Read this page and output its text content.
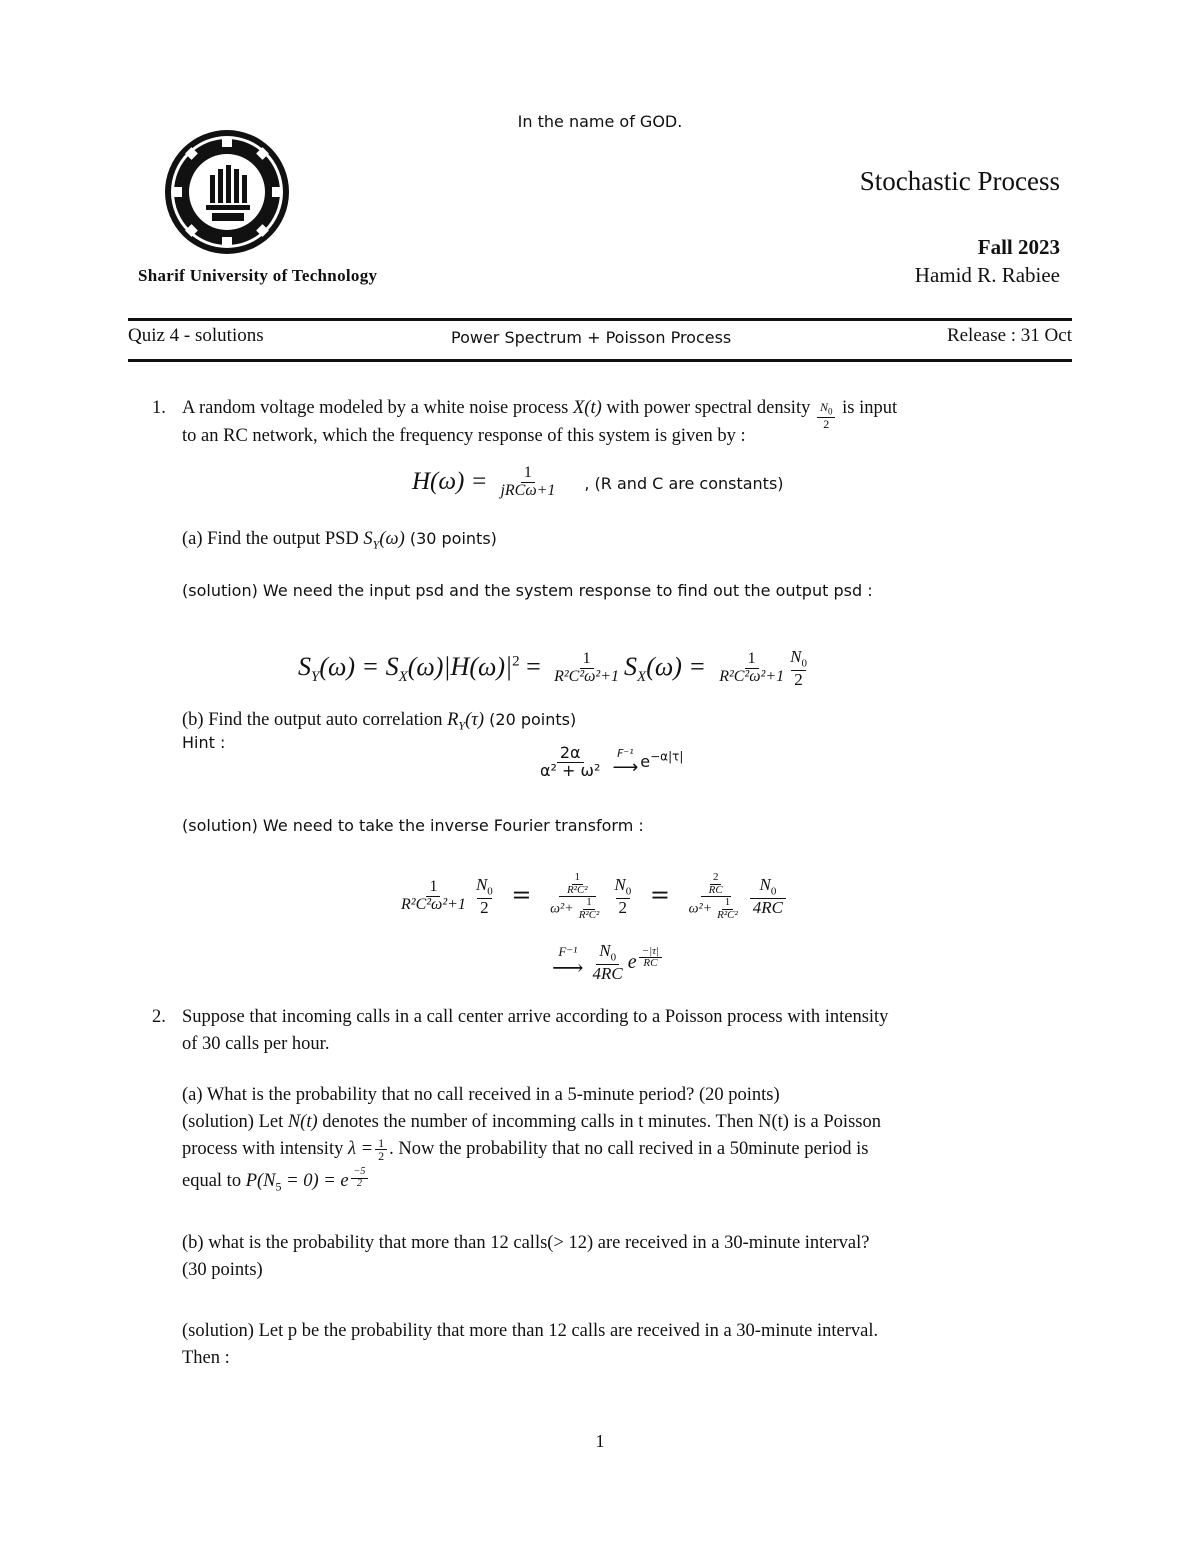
In the name of GOD.
Sharif University of Technology
Stochastic Process
Fall 2023
Hamid R. Rabiee
Quiz 4 - solutions	Power Spectrum + Poisson Process	Release : 31 Oct
1. A random voltage modeled by a white noise process X(t) with power spectral density $\frac{N_0}{2}$ is input
to an RC network, which the frequency response of this system is given by :
$H(\omega) = \frac{1}{\text{jRCω+1}}$ , (R and C are constants)
(a) Find the output PSD $S_Y(\omega)$ (30 points)
(solution) We need the input psd and the system response to find out the output psd :
$S_Y(\omega) = S_X(\omega)|H(\omega)|^2 = \frac{1}{\text{R²C²ω²+1}} S_X(\omega) = \frac{1}{\text{R²C²ω²+1}} \frac{N_0}{2}$
(b) Find the output auto correlation $R_Y(\tau)$ (20 points)
Hint :
$\frac{2\alpha}{\text{α² + ω²}}$
F⁻¹
⟶ $e^{-\alpha|\tau|}$
(solution) We need to take the inverse Fourier transform :
$\frac{1}{\text{R²C²ω²+1}} \frac{N_0}{2} = \frac{\frac{1}{\text{R²C²}}}{\omega^2+ \frac{1}{\text{R²C²}}} \frac{N_0}{2} = \frac{\frac{2}{RC}}{\omega^2+ \frac{1}{\text{R²C²}}} \frac{N_0}{4RC}$
F⁻¹
⟶ $\frac{N_0}{4RC}$ e $\frac{-|\tau|}{RC}$
2. Suppose that incoming calls in a call center arrive according to a Poisson process with intensity
of 30 calls per hour.
(a) What is the probability that no call received in a 5-minute period? (20 points)
(solution) Let N(t) denotes the number of incomming calls in t minutes. Then N(t) is a Poisson
process with intensity $\lambda = \frac{1}{2}$ . Now the probability that no call recived in a 50minute period is
equal to $P(N_5 = 0) = e \frac{-5}{2}$
(b) what is the probability that more than 12 calls(> 12) are received in a 30-minute interval?
(30 points)
(solution) Let p be the probability that more than 12 calls are received in a 30-minute interval.
Then :
1
